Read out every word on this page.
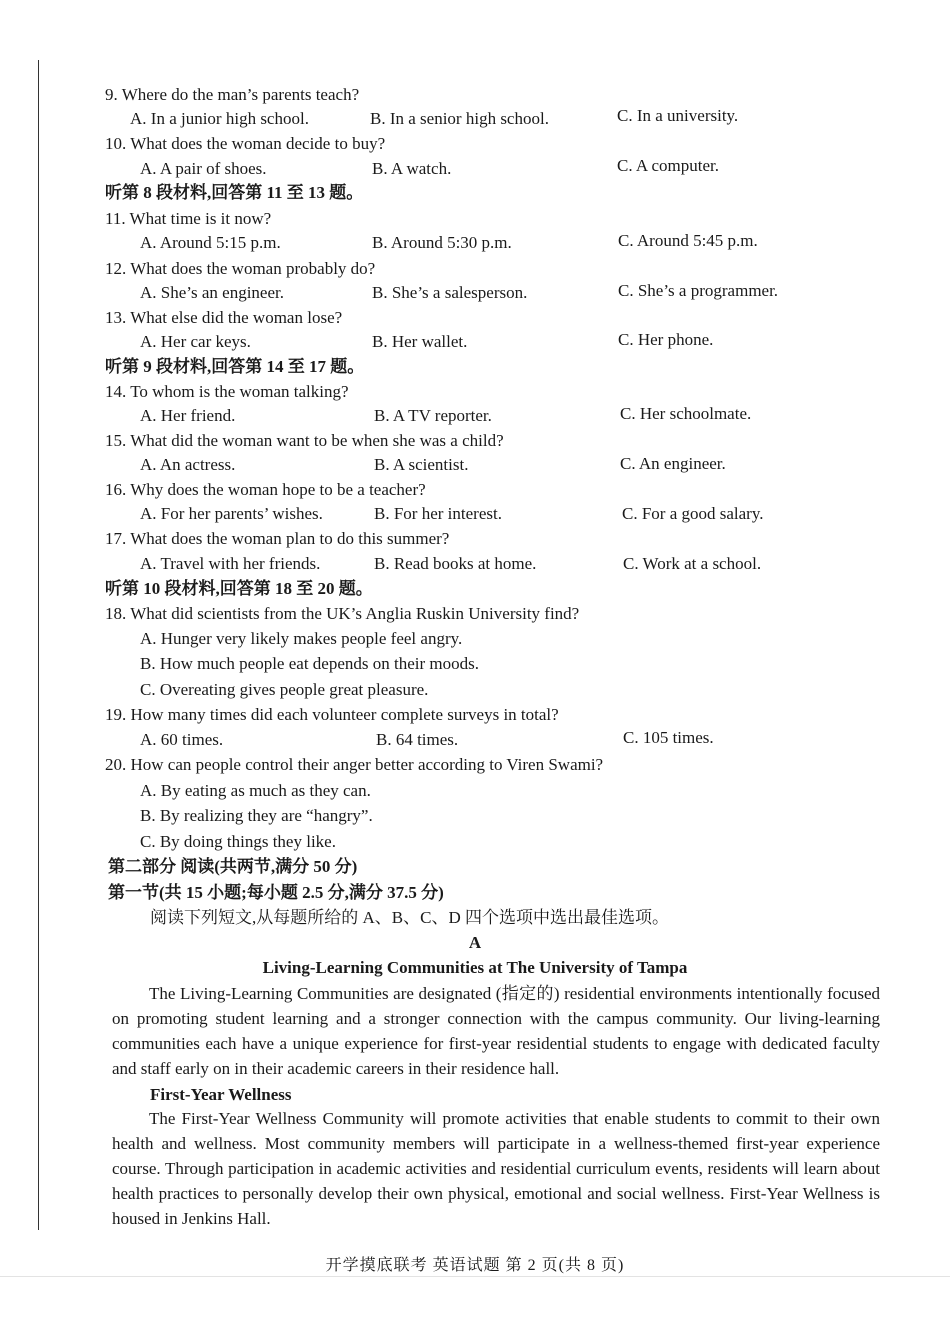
9. Where do the man’s parents teach?
A. In a junior high school.	B. In a senior high school.	C. In a university.
10. What does the woman decide to buy?
A. A pair of shoes.	B. A watch.	C. A computer.
听第 8 段材料,回答第 11 至 13 题。
11. What time is it now?
A. Around 5:15 p.m.	B. Around 5:30 p.m.	C. Around 5:45 p.m.
12. What does the woman probably do?
A. She’s an engineer.	B. She’s a salesperson.	C. She’s a programmer.
13. What else did the woman lose?
A. Her car keys.	B. Her wallet.	C. Her phone.
听第 9 段材料,回答第 14 至 17 题。
14. To whom is the woman talking?
A. Her friend.	B. A TV reporter.	C. Her schoolmate.
15. What did the woman want to be when she was a child?
A. An actress.	B. A scientist.	C. An engineer.
16. Why does the woman hope to be a teacher?
A. For her parents’ wishes.	B. For her interest.	C. For a good salary.
17. What does the woman plan to do this summer?
A. Travel with her friends.	B. Read books at home.	C. Work at a school.
听第 10 段材料,回答第 18 至 20 题。
18. What did scientists from the UK’s Anglia Ruskin University find?
A. Hunger very likely makes people feel angry.
B. How much people eat depends on their moods.
C. Overeating gives people great pleasure.
19. How many times did each volunteer complete surveys in total?
A. 60 times.	B. 64 times.	C. 105 times.
20. How can people control their anger better according to Viren Swami?
A. By eating as much as they can.
B. By realizing they are “hangry”.
C. By doing things they like.
第二部分 阅读(共两节,满分 50 分)
第一节(共 15 小题;每小题 2.5 分,满分 37.5 分)
阅读下列短文,从每题所给的 A、B、C、D 四个选项中选出最佳选项。
A
Living-Learning Communities at The University of Tampa

The Living-Learning Communities are designated (指定的) residential environments intentionally focused on promoting student learning and a stronger connection with the campus community. Our living-learning communities each have a unique experience for first-year residential students to engage with dedicated faculty and staff early on in their academic careers in their residence hall.

First-Year Wellness

The First-Year Wellness Community will promote activities that enable students to commit to their own health and wellness. Most community members will participate in a wellness-themed first-year experience course. Through participation in academic activities and residential curriculum events, residents will learn about health practices to personally develop their own physical, emotional and social wellness. First-Year Wellness is housed in Jenkins Hall.

开学摸底联考 英语试题 第 2 页(共 8 页)
